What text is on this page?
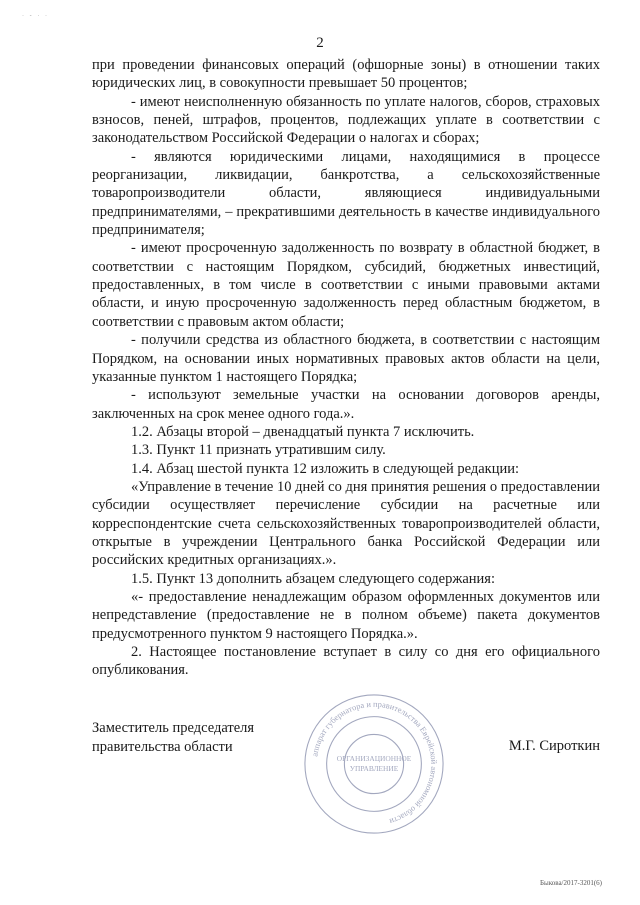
· - · ·
2

при проведении финансовых операций (офшорные зоны) в отношении таких юридических лиц, в совокупности превышает 50 процентов;

- имеют неисполненную обязанность по уплате налогов, сборов, страховых взносов, пеней, штрафов, процентов, подлежащих уплате в соответствии с законодательством Российской Федерации о налогах и сборах;

- являются юридическими лицами, находящимися в процессе реорганизации, ликвидации, банкротства, а сельскохозяйственные товаропроизводители области, являющиеся индивидуальными предпринимателями, – прекратившими деятельность в качестве индивидуального предпринимателя;

- имеют просроченную задолженность по возврату в областной бюджет, в соответствии с настоящим Порядком, субсидий, бюджетных инвестиций, предоставленных, в том числе в соответствии с иными правовыми актами области, и иную просроченную задолженность перед областным бюджетом, в соответствии с правовым актом области;

- получили средства из областного бюджета, в соответствии с настоящим Порядком, на основании иных нормативных правовых актов области на цели, указанные пунктом 1 настоящего Порядка;

- используют земельные участки на основании договоров аренды, заключенных на срок менее одного года.».

1.2. Абзацы второй – двенадцатый пункта 7 исключить.

1.3. Пункт 11 признать утратившим силу.

1.4. Абзац шестой пункта 12 изложить в следующей редакции:

«Управление в течение 10 дней со дня принятия решения о предоставлении субсидии осуществляет перечисление субсидии на расчетные или корреспондентские счета сельскохозяйственных товаропроизводителей области, открытые в учреждении Центрального банка Российской Федерации или российских кредитных организациях.».

1.5. Пункт 13 дополнить абзацем следующего содержания:

«- предоставление ненадлежащим образом оформленных документов или непредставление (предоставление не в полном объеме) пакета документов предусмотренного пунктом 9 настоящего Порядка.».

2. Настоящее постановление вступает в силу со дня его официального опубликования.

Заместитель председателя
правительства области	М.Г. Сироткин
аппарат губернатора и правительства Еврейской автономной области
ОРГАНИЗАЦИОННОЕ
УПРАВЛЕНИЕ
Быкова/2017-3201(6)
